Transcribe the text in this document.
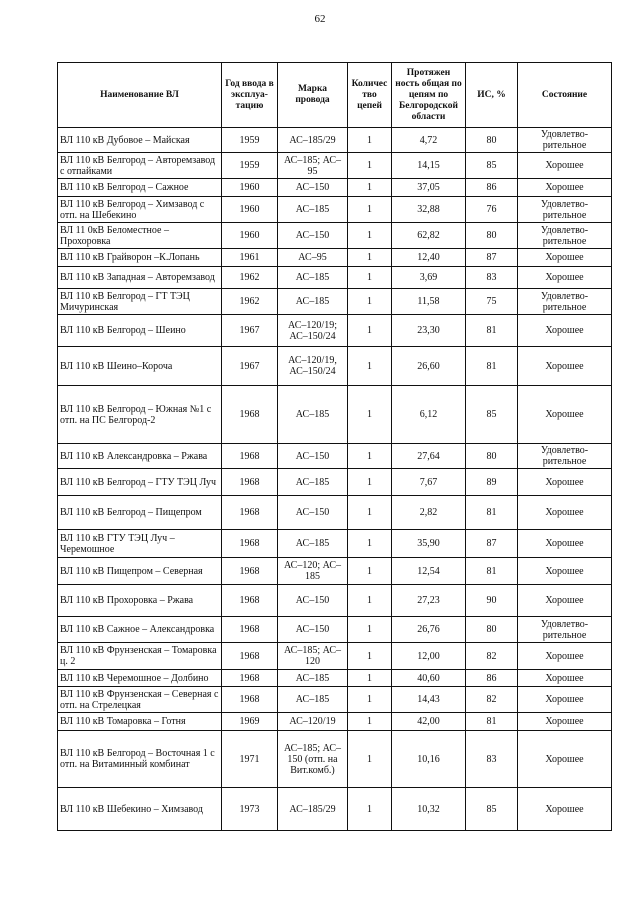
62
Наименование ВЛ	Год ввода в эксплуа-тацию	Марка провода	Количес тво цепей	Протяжен ность общая по цепям по Белгородской области	ИС, %	Состояние
ВЛ 110 кВ Дубовое – Майская	1959	АС–185/29	1	4,72	80	Удовлетво-рительное
ВЛ 110 кВ Белгород – Авторемзавод с отпайками	1959	АС–185; АС–95	1	14,15	85	Хорошее
ВЛ 110 кВ Белгород – Сажное	1960	АС–150	1	37,05	86	Хорошее
ВЛ 110 кВ Белгород – Химзавод с отп. на Шебекино	1960	АС–185	1	32,88	76	Удовлетво-рительное
ВЛ 11 0кВ Беломестное – Прохоровка	1960	АС–150	1	62,82	80	Удовлетво-рительное
ВЛ 110 кВ Грайворон –К.Лопань	1961	АС–95	1	12,40	87	Хорошее
ВЛ 110 кВ Западная – Авторемзавод	1962	АС–185	1	3,69	83	Хорошее
ВЛ 110 кВ Белгород – ГТ ТЭЦ Мичуринская	1962	АС–185	1	11,58	75	Удовлетво-рительное
ВЛ 110 кВ Белгород – Шеино	1967	АС–120/19; АС–150/24	1	23,30	81	Хорошее
ВЛ 110 кВ Шеино–Короча	1967	АС–120/19, АС–150/24	1	26,60	81	Хорошее
ВЛ 110 кВ Белгород – Южная №1 с отп. на ПС Белгород-2	1968	АС–185	1	6,12	85	Хорошее
ВЛ 110 кВ Александровка – Ржава	1968	АС–150	1	27,64	80	Удовлетво-рительное
ВЛ 110 кВ Белгород – ГТУ ТЭЦ Луч	1968	АС–185	1	7,67	89	Хорошее
ВЛ 110 кВ Белгород – Пищепром	1968	АС–150	1	2,82	81	Хорошее
ВЛ 110 кВ ГТУ ТЭЦ Луч – Черемошное	1968	АС–185	1	35,90	87	Хорошее
ВЛ 110 кВ Пищепром – Северная	1968	АС–120; АС–185	1	12,54	81	Хорошее
ВЛ 110 кВ Прохоровка – Ржава	1968	АС–150	1	27,23	90	Хорошее
ВЛ 110 кВ Сажное – Александровка	1968	АС–150	1	26,76	80	Удовлетво-рительное
ВЛ 110 кВ Фрунзенская – Томаровка ц. 2	1968	АС–185; АС–120	1	12,00	82	Хорошее
ВЛ 110 кВ Черемошное – Долбино	1968	АС–185	1	40,60	86	Хорошее
ВЛ 110 кВ Фрунзенская – Северная с отп. на Стрелецкая	1968	АС–185	1	14,43	82	Хорошее
ВЛ 110 кВ Томаровка – Готня	1969	АС–120/19	1	42,00	81	Хорошее
ВЛ 110 кВ Белгород – Восточная 1 с отп. на Витаминный комбинат	1971	АС–185; АС–150 (отп. на Вит.комб.)	1	10,16	83	Хорошее
ВЛ 110 кВ Шебекино – Химзавод	1973	АС–185/29	1	10,32	85	Хорошее
